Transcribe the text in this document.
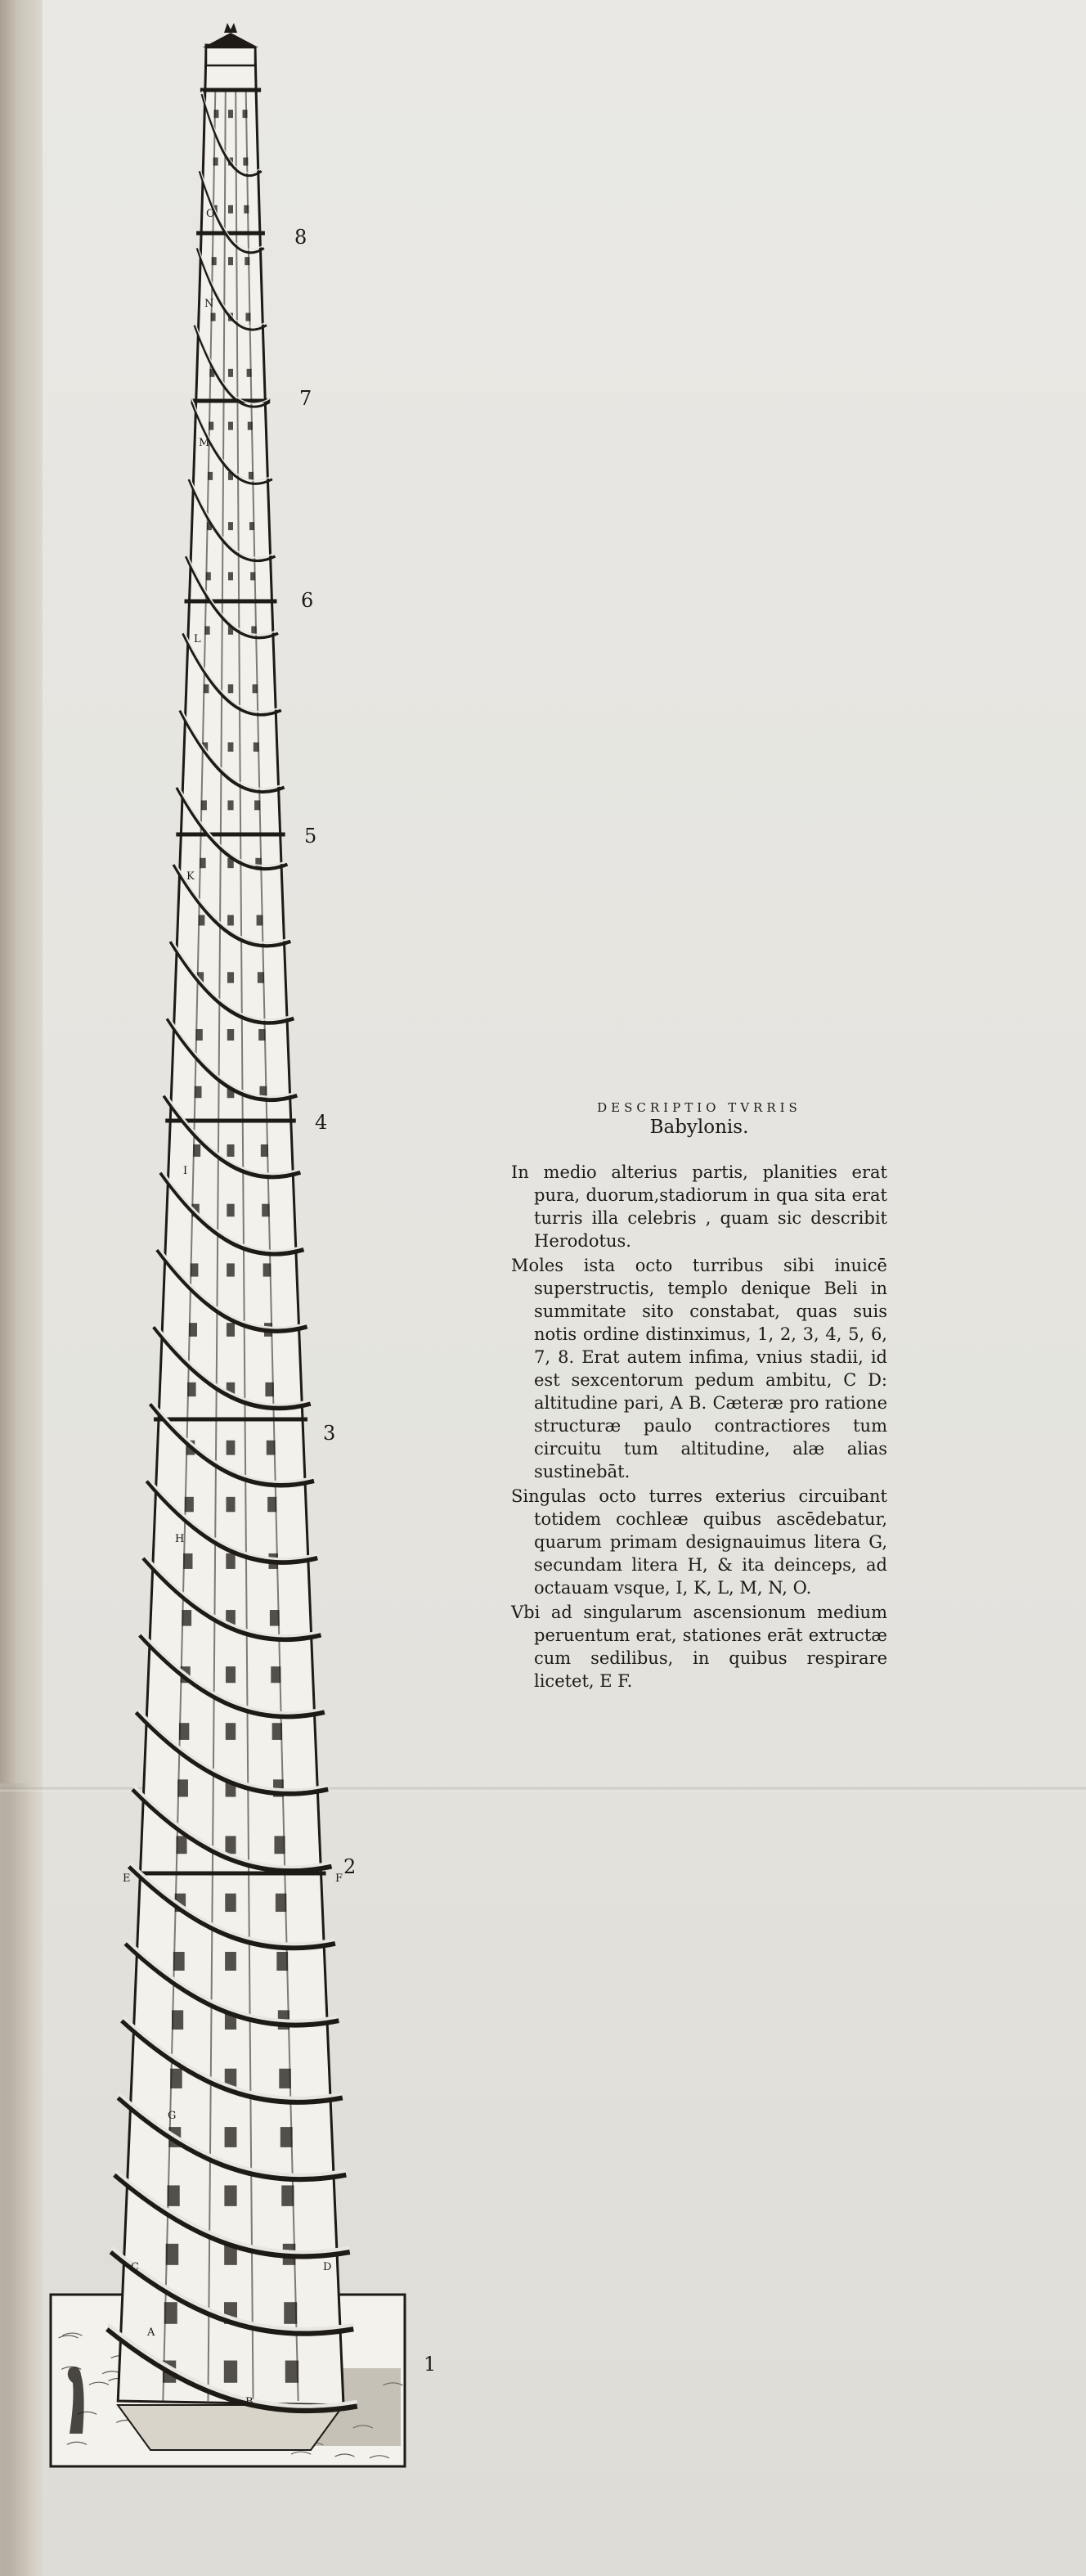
1
2
3
4
5
6
7
8
A
B
C	D
E	F
G
H
I
K
L
M
N
O
DESCRIPTIO TVRRIS
Babylonis.

In medio alterius partis, planities erat pura, duorum,stadiorum in qua sita erat turris illa celebris , quam sic describit Herodotus.

Moles ista octo turribus sibi inuicē superstructis, templo denique Beli in summitate sito constabat, quas suis notis ordine distinximus, 1, 2, 3, 4, 5, 6, 7, 8. Erat autem infima, vnius stadii, id est sexcentorum pedum ambitu, C D: altitudine pari, A B. Cæteræ pro ratione structuræ paulo contractiores tum circuitu tum altitudine, alæ alias sustinebāt.

Singulas octo turres exterius circuibant totidem cochleæ quibus ascēdebatur, quarum primam designauimus litera G, secundam litera H, & ita deinceps, ad octauam vsque, I, K, L, M, N, O.

Vbi ad singularum ascensionum medium peruentum erat, stationes erāt extructæ cum sedilibus, in quibus respirare licetet, E F.
